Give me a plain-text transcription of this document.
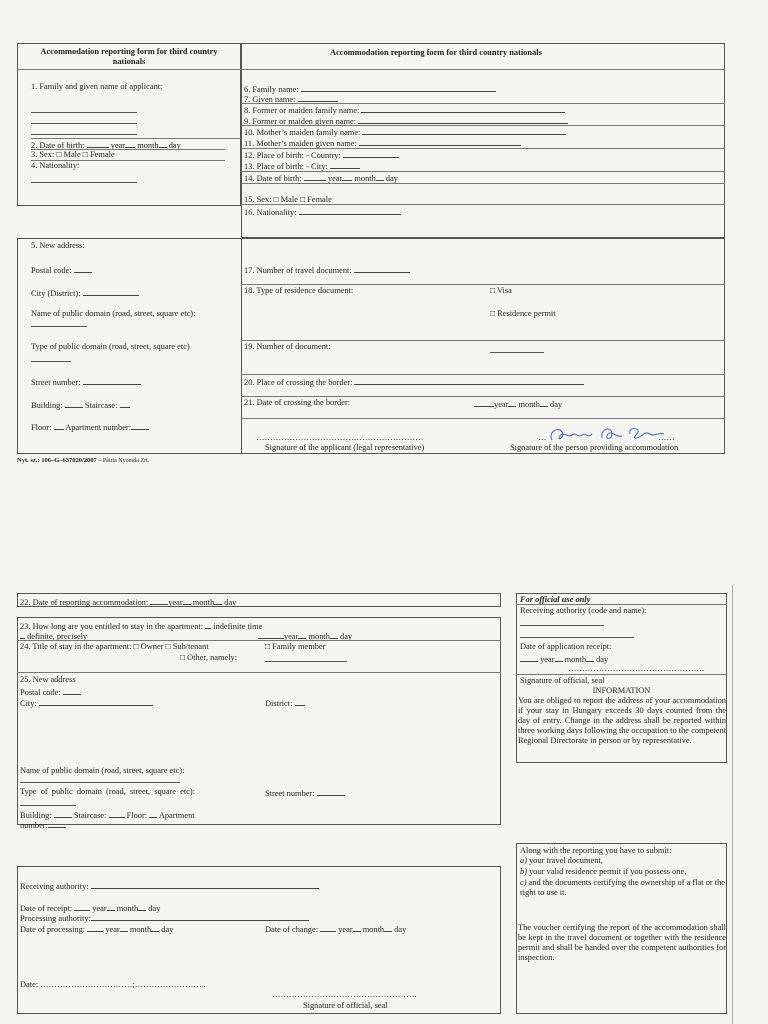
Accommodation reporting form for third country nationals
1. Family and given name of applicant:
2. Date of birth:	year month day
3. Sex: □ Male □ Female
4. Nationality:
Accommodation reporting form for third country nationals
6. Family name:
7. Given name:
8. Former or maiden family name:
9. Former or maiden given name:
10. Mother’s maiden family name:
11. Mother’s maiden given name:
12. Place of birth: - Country:
13. Place of birth: - City:
14. Date of birth:	year month day
15. Sex: □ Male □ Female
16. Nationality:
5. New address:
Postal code:
City (District):
Name of public domain (road, street, square etc):
Type of public domain (road, street, square etc)
Street number:
Building:	Staircase:
Floor: Apartment number:
17. Number of travel document:
18. Type of residence document:	□ Visa
□ Residence permit
19. Number of document:
20. Place of crossing the border:
21. Date of crossing the border:	year month day
……………………………………………………	…	……
Signature of the applicant (legal representative)	Signature of the person providing accommodation
Nyt. sz.: 106–G–637020/2007 – Pátria Nyomda Zrt.
22. Date of reporting accommodation: year month day
23. How long are you entitled to stay in the apartment: indefinite time
definite, precisely	year month day
24. Title of stay in the apartment: □ Owner □ Sub/tenant	□ Family member
□ Other, namely:
25. New address
Postal code:
City:	District:
Name of public domain (road, street, square etc):
Type of public domain (road, street, square etc):	Street number:
Building:	Staircase: Floor: Apartment
number:
Receiving authority:
Date of receipt: year month day
Processing authority:
Date of processing: year month day	Date of change: year month day
Date: ……………………………;……………………..
…………………………………………….
Signature of official, seal
For official use only
Receiving authority (code and name):
Date of application receipt:
year month day
………………………………………….
Signature of official, seal
INFORMATION
You are obliged to report the address of your accommodation if your stay in Hungary exceeds 30 days counted from the day of entry. Change in the address shall be reported within three working days following the occupation to the competent Regional Directorate in person or by representative.
Along with the reporting you have to submit:
a) your travel document,
b) your valid residence permit if you possess one,
c) and the documents certifying the ownership of a flat or the right to use it.
The voucher certifying the report of the accommodation shall be kept in the travel document or together with the residence permit and shall be handed over the competent authorities for inspection.
